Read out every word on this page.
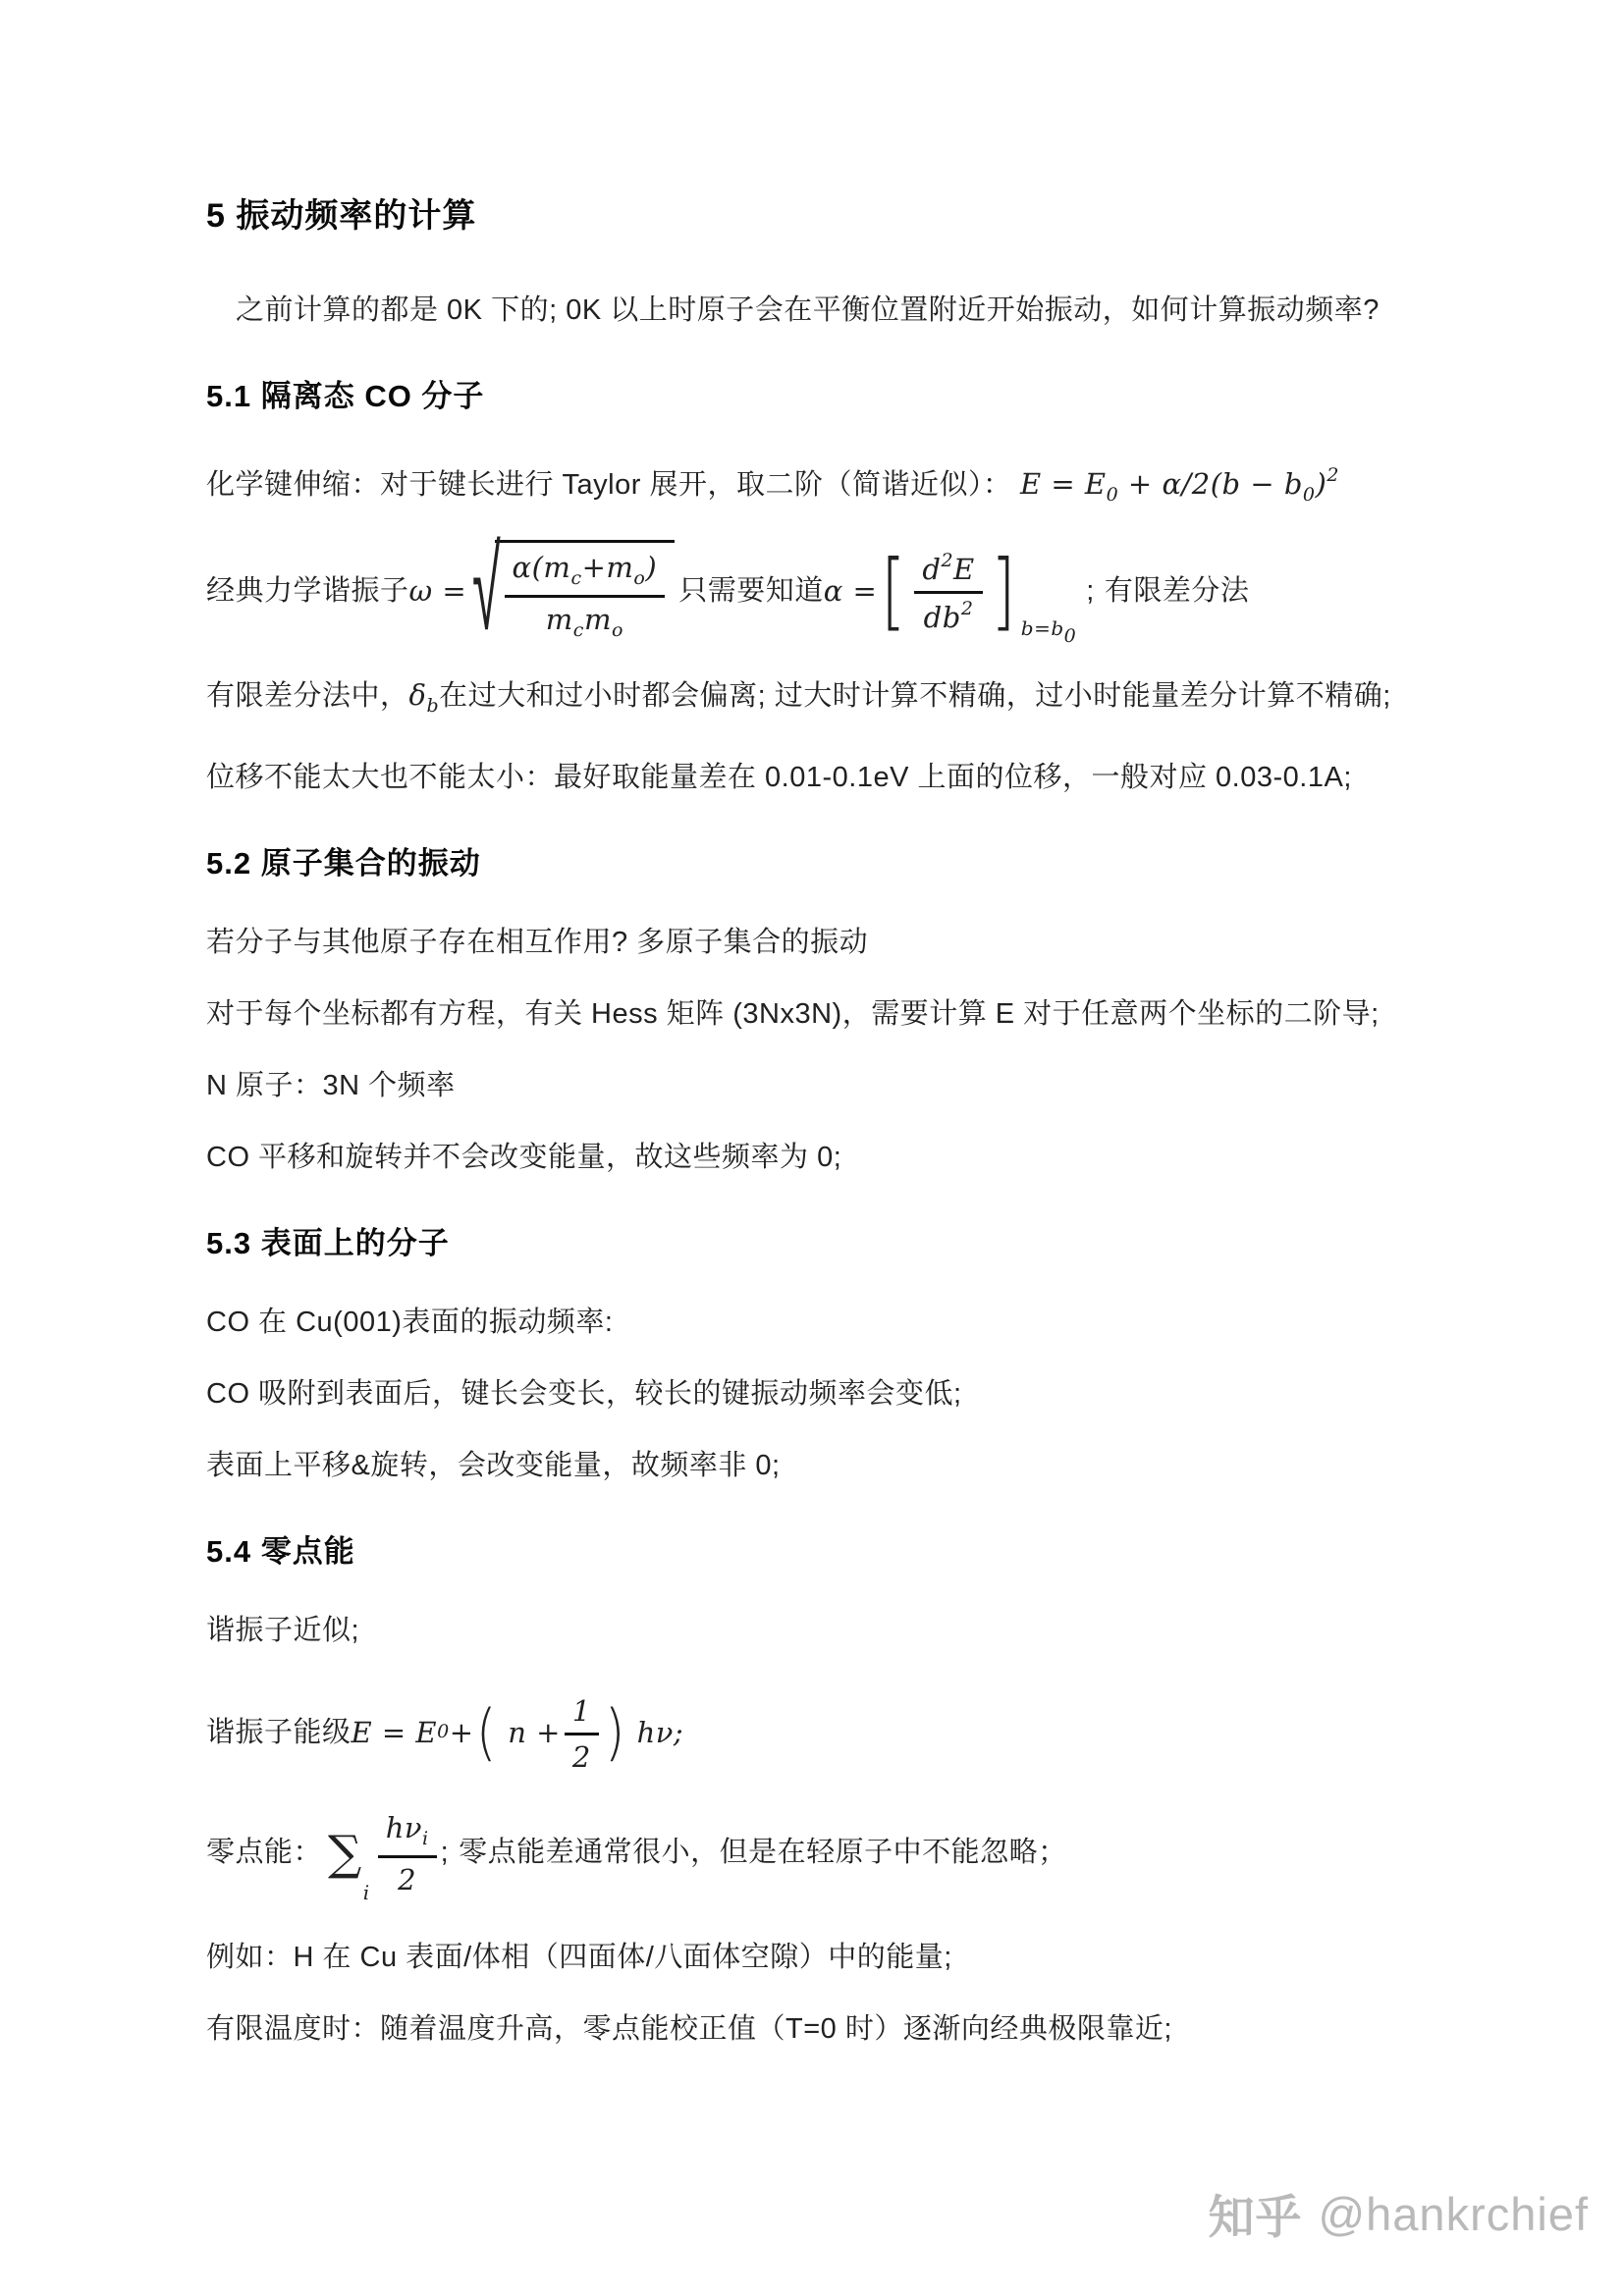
5 振动频率的计算

之前计算的都是 0K 下的; 0K 以上时原子会在平衡位置附近开始振动，如何计算振动频率?

5.1 隔离态 CO 分子

化学键伸缩：对于键长进行 Taylor 展开，取二阶（简谐近似）： $E = E_0 + \alpha/2(b - b_0)^2$

经典力学谐振子 ω = √ $\frac{\alpha(m_c+m_o)}{m_cm_o}$ 只需要知道 α = [ $\frac{d^2E}{db^2}$ ] b=b0
; 有限差分法

有限差分法中，$\delta_b$在过大和过小时都会偏离; 过大时计算不精确，过小时能量差分计算不精确;

位移不能太大也不能太小：最好取能量差在 0.01-0.1eV 上面的位移，一般对应 0.03-0.1A;

5.2 原子集合的振动

若分子与其他原子存在相互作用? 多原子集合的振动

对于每个坐标都有方程，有关 Hess 矩阵 (3Nx3N)，需要计算 E 对于任意两个坐标的二阶导;

N 原子：3N 个频率

CO 平移和旋转并不会改变能量，故这些频率为 0;

5.3 表面上的分子

CO 在 Cu(001)表面的振动频率:

CO 吸附到表面后，键长会变长，较长的键振动频率会变低;

表面上平移&旋转，会改变能量，故频率非 0;

5.4 零点能

谐振子近似;

谐振子能级 E = E 0 + ( $n + \frac{1}{2}$ ) hν;
零点能： ∑
i $\frac{h\nu_i}{2}$ ; 零点能差通常很小，但是在轻原子中不能忽略；

例如：H 在 Cu 表面/体相（四面体/八面体空隙）中的能量;

有限温度时：随着温度升高，零点能校正值（T=0 时）逐渐向经典极限靠近;

知乎 @hankrchief
